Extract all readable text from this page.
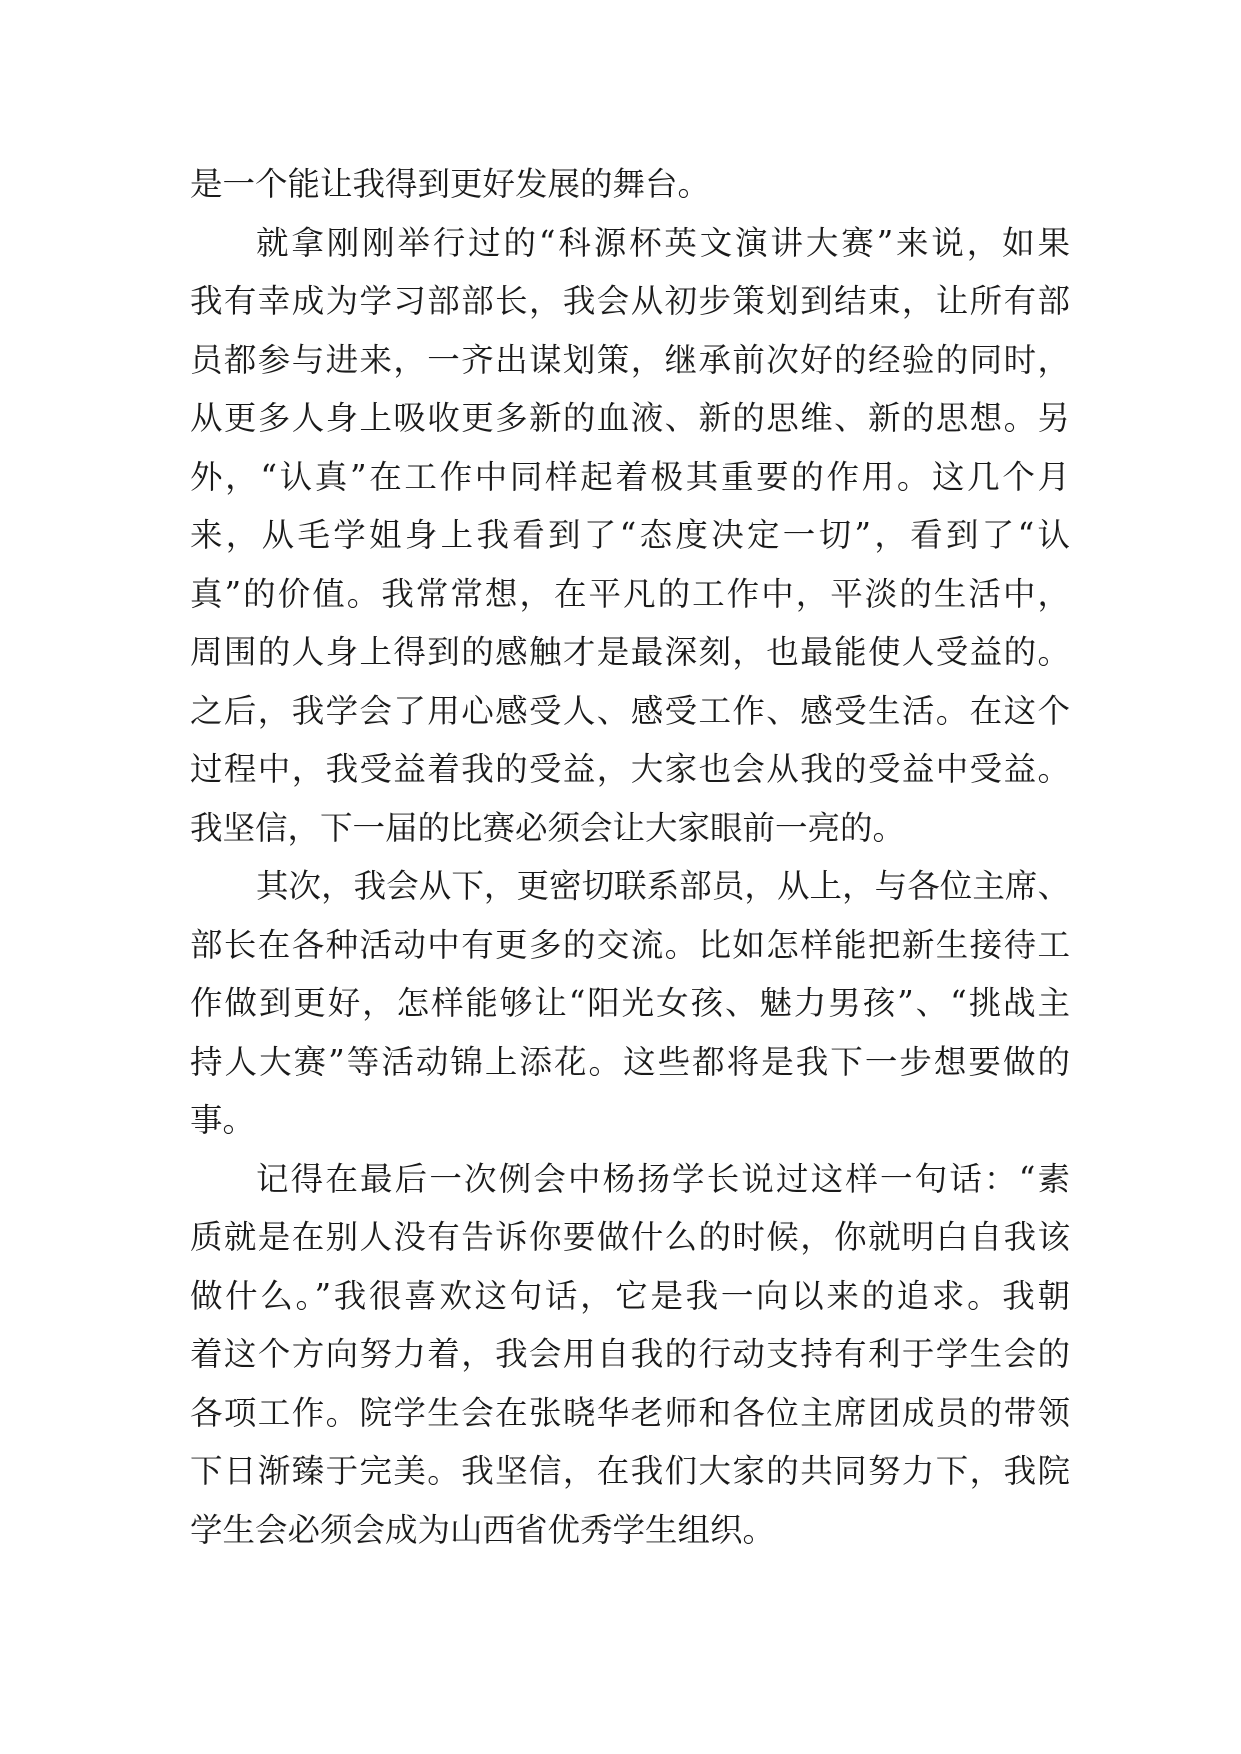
是一个能让我得到更好发展的舞台。
就拿刚刚举行过的“科源杯英文演讲大赛”来说，如果
我有幸成为学习部部长，我会从初步策划到结束，让所有部
员都参与进来，一齐出谋划策，继承前次好的经验的同时，
从更多人身上吸收更多新的血液、新的思维、新的思想。另
外，“认真”在工作中同样起着极其重要的作用。这几个月
来，从毛学姐身上我看到了“态度决定一切”，看到了“认
真”的价值。我常常想，在平凡的工作中，平淡的生活中，
周围的人身上得到的感触才是最深刻，也最能使人受益的。
之后，我学会了用心感受人、感受工作、感受生活。在这个
过程中，我受益着我的受益，大家也会从我的受益中受益。
我坚信，下一届的比赛必须会让大家眼前一亮的。
其次，我会从下，更密切联系部员，从上，与各位主席、
部长在各种活动中有更多的交流。比如怎样能把新生接待工
作做到更好，怎样能够让“阳光女孩、魅力男孩”、“挑战主
持人大赛”等活动锦上添花。这些都将是我下一步想要做的
事。
记得在最后一次例会中杨扬学长说过这样一句话：“素
质就是在别人没有告诉你要做什么的时候，你就明白自我该
做什么。”我很喜欢这句话，它是我一向以来的追求。我朝
着这个方向努力着，我会用自我的行动支持有利于学生会的
各项工作。院学生会在张晓华老师和各位主席团成员的带领
下日渐臻于完美。我坚信，在我们大家的共同努力下，我院
学生会必须会成为山西省优秀学生组织。
